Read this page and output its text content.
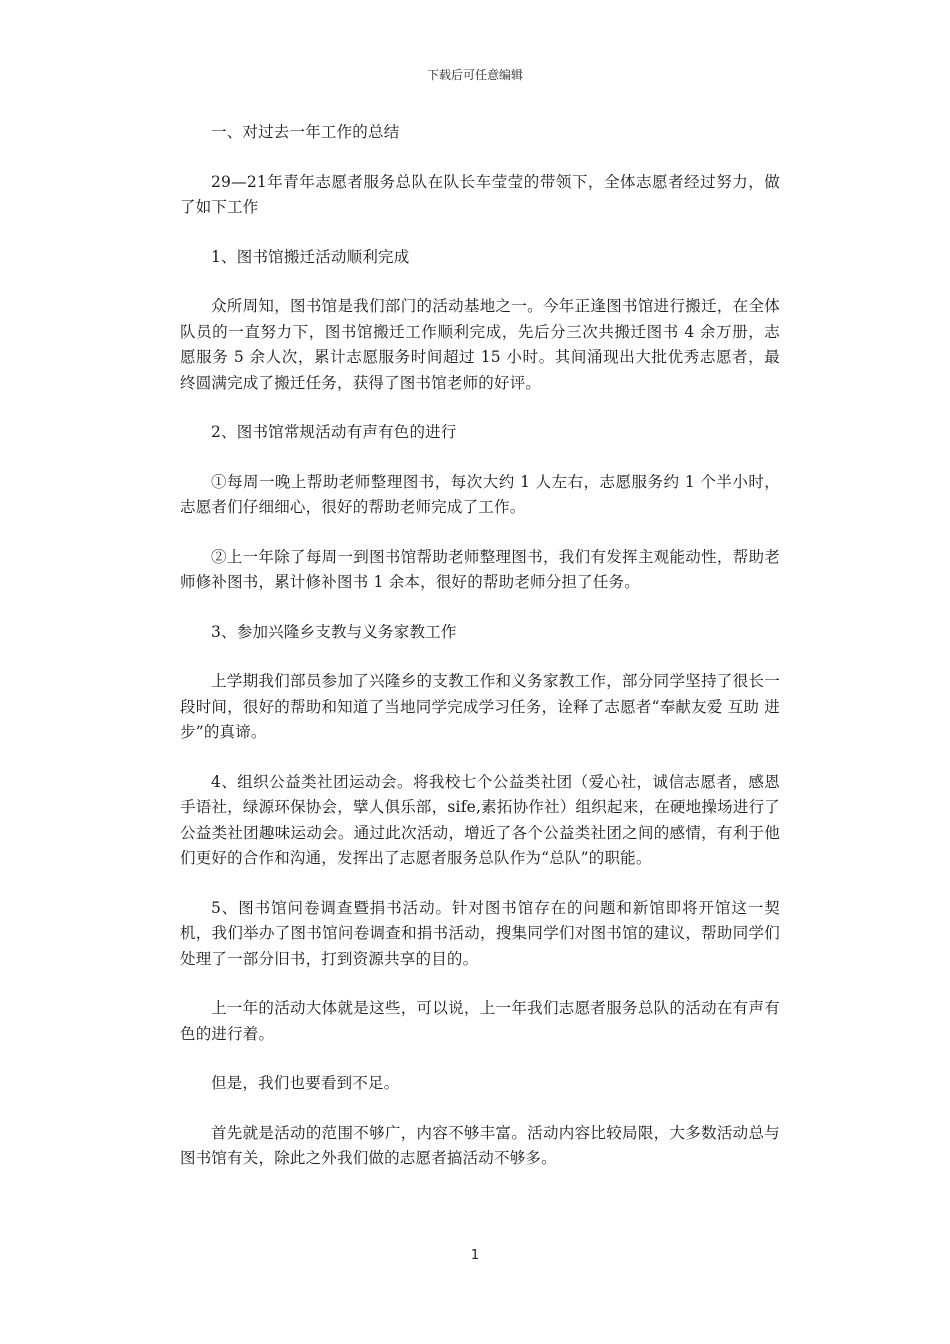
下载后可任意编辑

一、对过去一年工作的总结

29—21年青年志愿者服务总队在队长车莹莹的带领下，全体志愿者经过努力，做了如下工作

1、图书馆搬迁活动顺利完成

众所周知，图书馆是我们部门的活动基地之一。今年正逢图书馆进行搬迁，在全体队员的一直努力下，图书馆搬迁工作顺利完成，先后分三次共搬迁图书 4 余万册，志愿服务 5 余人次，累计志愿服务时间超过 15 小时。其间涌现出大批优秀志愿者，最终圆满完成了搬迁任务，获得了图书馆老师的好评。

2、图书馆常规活动有声有色的进行

①每周一晚上帮助老师整理图书，每次大约 1 人左右，志愿服务约 1 个半小时，志愿者们仔细细心，很好的帮助老师完成了工作。

②上一年除了每周一到图书馆帮助老师整理图书，我们有发挥主观能动性，帮助老师修补图书，累计修补图书 1 余本，很好的帮助老师分担了任务。

3、参加兴隆乡支教与义务家教工作

上学期我们部员参加了兴隆乡的支教工作和义务家教工作，部分同学坚持了很长一段时间，很好的帮助和知道了当地同学完成学习任务，诠释了志愿者“奉献友爱 互助 进步”的真谛。

4、组织公益类社团运动会。将我校七个公益类社团（爱心社，诚信志愿者，感恩手语社，绿源环保协会，擘人俱乐部，sife,素拓协作社）组织起来，在硬地操场进行了公益类社团趣味运动会。通过此次活动，增近了各个公益类社团之间的感情，有利于他们更好的合作和沟通，发挥出了志愿者服务总队作为“总队”的职能。

5、图书馆问卷调查暨捐书活动。针对图书馆存在的问题和新馆即将开馆这一契机，我们举办了图书馆问卷调查和捐书活动，搜集同学们对图书馆的建议，帮助同学们处理了一部分旧书，打到资源共享的目的。

上一年的活动大体就是这些，可以说，上一年我们志愿者服务总队的活动在有声有色的进行着。

但是，我们也要看到不足。

首先就是活动的范围不够广，内容不够丰富。活动内容比较局限，大多数活动总与图书馆有关，除此之外我们做的志愿者搞活动不够多。

1
